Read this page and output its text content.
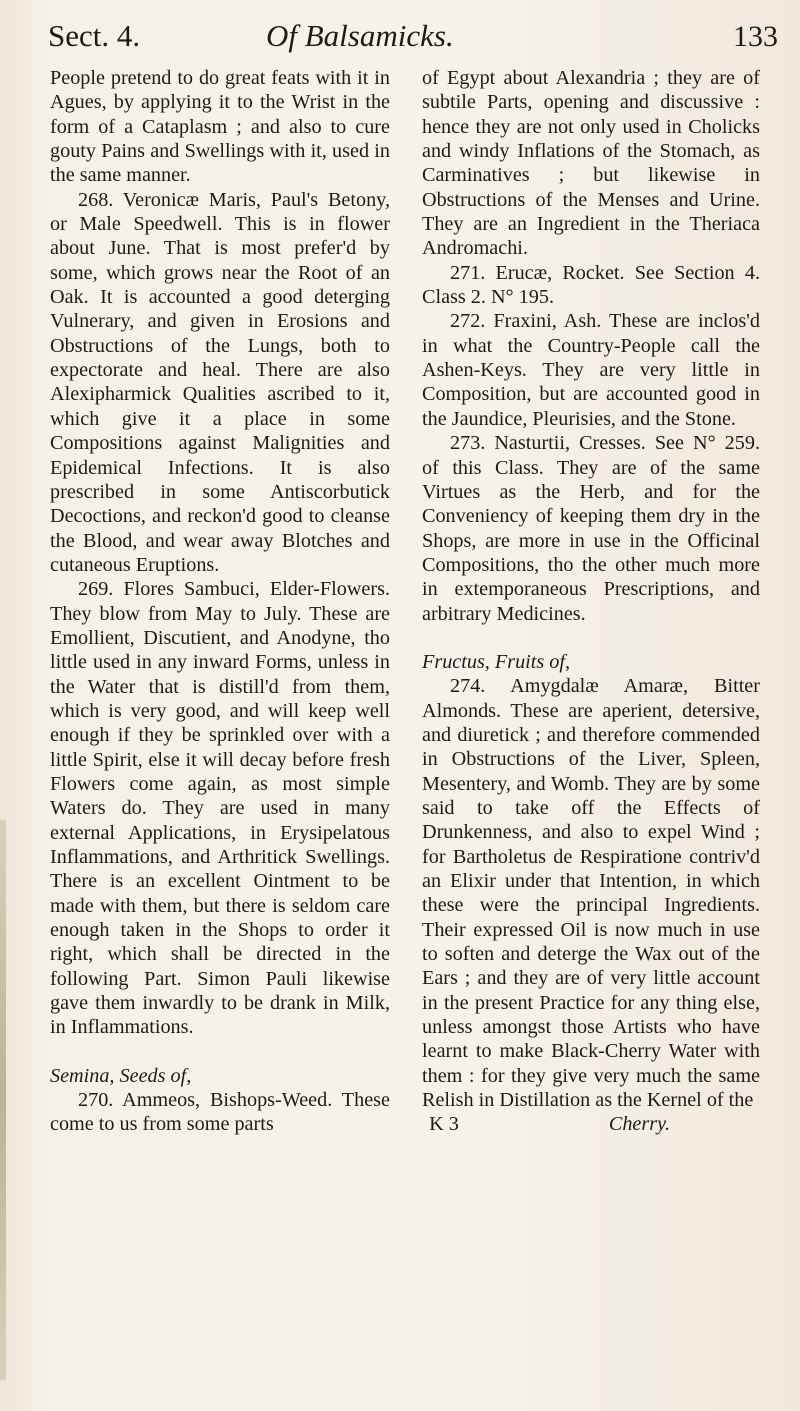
Sect. 4.	Of Balsamicks.	133

People pretend to do great feats with it in Agues, by applying it to the Wrist in the form of a Cataplasm ; and also to cure gouty Pains and Swellings with it, used in the same manner.

268. Veronicæ Maris, Paul's Betony, or Male Speedwell. This is in flower about June. That is most prefer'd by some, which grows near the Root of an Oak. It is accounted a good deterging Vulnerary, and given in Erosions and Obstructions of the Lungs, both to expectorate and heal. There are also Alexipharmick Qualities ascribed to it, which give it a place in some Compositions against Malignities and Epidemical Infections. It is also prescribed in some Antiscorbutick Decoctions, and reckon'd good to cleanse the Blood, and wear away Blotches and cutaneous Eruptions.

269. Flores Sambuci, Elder-Flowers. They blow from May to July. These are Emollient, Discutient, and Anodyne, tho little used in any inward Forms, unless in the Water that is distill'd from them, which is very good, and will keep well enough if they be sprinkled over with a little Spirit, else it will decay before fresh Flowers come again, as most simple Waters do. They are used in many external Applications, in Erysipelatous Inflammations, and Arthritick Swellings. There is an excellent Ointment to be made with them, but there is seldom care enough taken in the Shops to order it right, which shall be directed in the following Part. Simon Pauli likewise gave them inwardly to be drank in Milk, in Inflammations.

Semina, Seeds of,

270. Ammeos, Bishops-Weed. These come to us from some parts

of Egypt about Alexandria ; they are of subtile Parts, opening and discussive : hence they are not only used in Cholicks and windy Inflations of the Stomach, as Carminatives ; but likewise in Obstructions of the Menses and Urine. They are an Ingredient in the Theriaca Andromachi.

271. Erucæ, Rocket. See Section 4. Class 2. N° 195.

272. Fraxini, Ash. These are inclos'd in what the Country-People call the Ashen-Keys. They are very little in Composition, but are accounted good in the Jaundice, Pleurisies, and the Stone.

273. Nasturtii, Cresses. See N° 259. of this Class. They are of the same Virtues as the Herb, and for the Conveniency of keeping them dry in the Shops, are more in use in the Officinal Compositions, tho the other much more in extemporaneous Prescriptions, and arbitrary Medicines.

Fructus, Fruits of,

274. Amygdalæ Amaræ, Bitter Almonds. These are aperient, detersive, and diuretick ; and therefore commended in Obstructions of the Liver, Spleen, Mesentery, and Womb. They are by some said to take off the Effects of Drunkenness, and also to expel Wind ; for Bartholetus de Respiratione contriv'd an Elixir under that Intention, in which these were the principal Ingredients. Their expressed Oil is now much in use to soften and deterge the Wax out of the Ears ; and they are of very little account in the present Practice for any thing else, unless amongst those Artists who have learnt to make Black-Cherry Water with them : for they give very much the same Relish in Distillation as the Kernel of the

K 3	Cherry.
